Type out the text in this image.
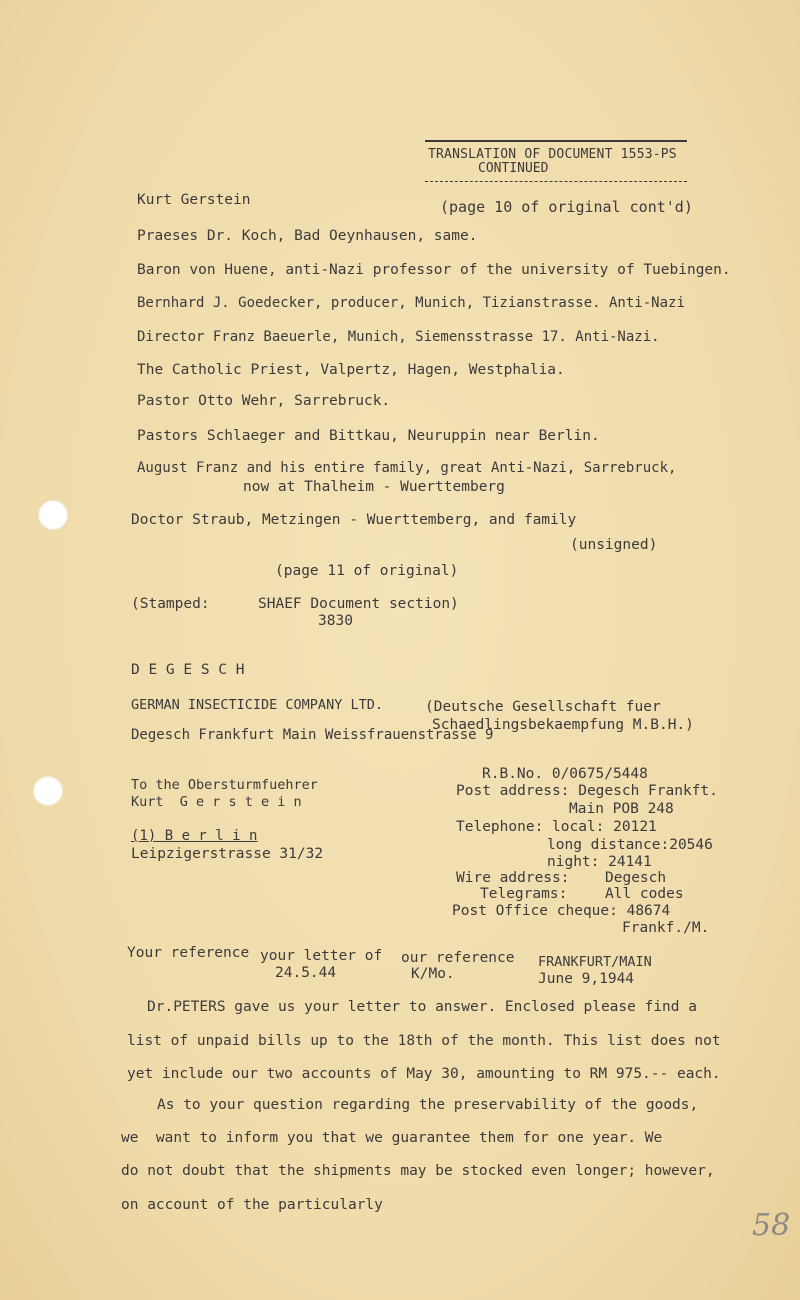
TRANSLATION OF DOCUMENT 1553-PS
CONTINUED
Kurt Gerstein	(page 10 of original cont'd)
Praeses Dr. Koch, Bad Oeynhausen, same.
Baron von Huene, anti-Nazi professor of the university of Tuebingen.
Bernhard J. Goedecker, producer, Munich, Tizianstrasse. Anti-Nazi
Director Franz Baeuerle, Munich, Siemensstrasse 17. Anti-Nazi.
The Catholic Priest, Valpertz, Hagen, Westphalia.
Pastor Otto Wehr, Sarrebruck.
Pastors Schlaeger and Bittkau, Neuruppin near Berlin.
August Franz and his entire family, great Anti-Nazi, Sarrebruck,
now at Thalheim - Wuerttemberg
Doctor Straub, Metzingen - Wuerttemberg, and family
(unsigned)
(page 11 of original)
(Stamped:	SHAEF Document section)
3830
D E G E S C H
GERMAN INSECTICIDE COMPANY LTD.	(Deutsche Gesellschaft fuer
Schaedlingsbekaempfung M.B.H.)
Degesch Frankfurt Main Weissfrauenstrasse 9
To the Obersturmfuehrer
Kurt  G e r s t e i n
(1) B e r l i n
Leipzigerstrasse 31/32
R.B.No. 0/0675/5448
Post address: Degesch Frankft.
Main POB 248
Telephone: local: 20121
long distance:20546
night: 24141
Wire address: Degesch
Telegrams:	All codes
Post Office cheque: 48674
Frankf./M.
Your reference your letter of
24.5.44
our reference
K/Mo.
FRANKFURT/MAIN
June 9,1944
Dr.PETERS gave us your letter to answer. Enclosed please find a
list of unpaid bills up to the 18th of the month. This list does not
yet include our two accounts of May 30, amounting to RM 975.-- each.
As to your question regarding the preservability of the goods,
we  want to inform you that we guarantee them for one year. We
do not doubt that the shipments may be stocked even longer; however,
on account of the particularly
58
